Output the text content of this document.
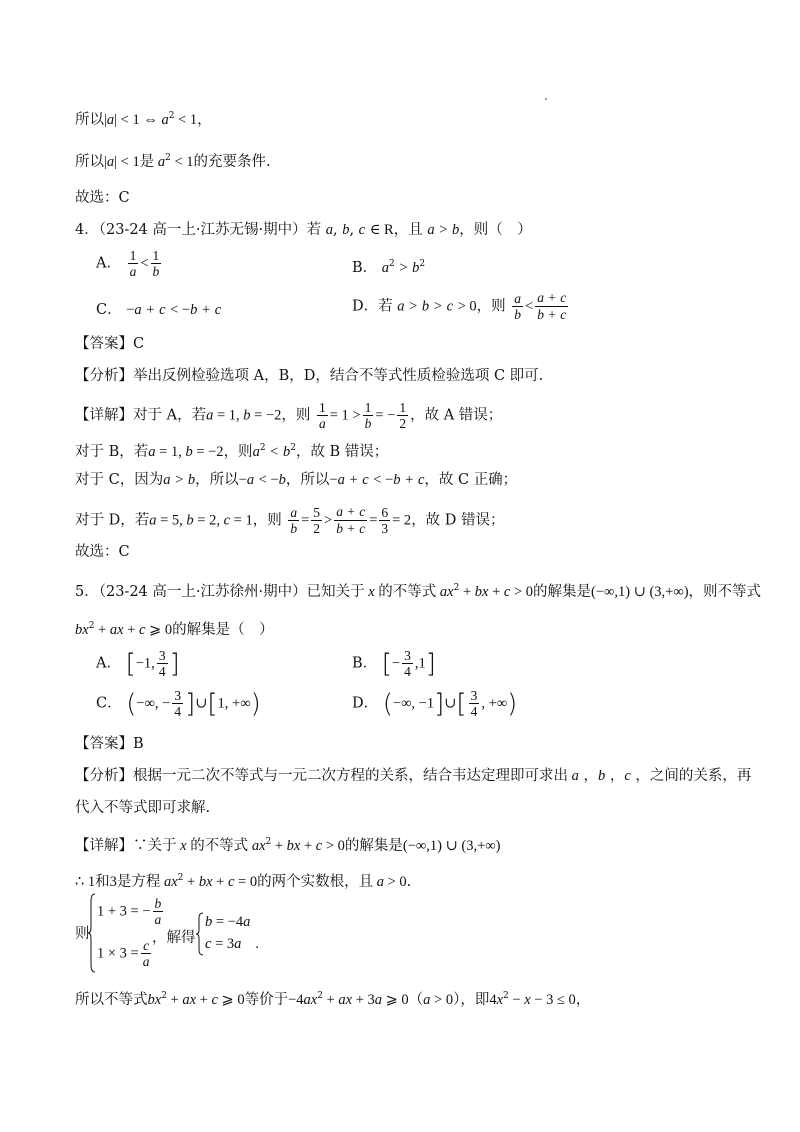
所以|a| < 1 ⇔ $a^2 < 1$，
所以|a| < 1是 $a^2 < 1$的充要条件.
故选：C
4．（23-24 高一上·江苏无锡·期中）若 a, b, c ∈ R，且 a > b，则（　）
A． $\frac{1}{a} < \frac{1}{b}$	B． $a^2 > b^2$
C． −a + c < −b + c	D．若 a > b > c > 0，则 $\frac{a}{b} < \frac{a + c}{b + c}$
【答案】C
【分析】举出反例检验选项 A，B，D，结合不等式性质检验选项 C 即可.
【详解】对于 A，若a = 1, b = −2，则 $\frac{1}{a} = 1 > \frac{1}{b}$ = − $\frac{1}{2}$ ，故 A 错误；
对于 B，若a = 1, b = −2，则$a^2 < b^2$，故 B 错误；
对于 C，因为a > b，所以−a < −b，所以−a + c < −b + c，故 C 正确；
对于 D，若a = 5, b = 2, c = 1，则 $\frac{a}{b} = \frac{5}{2} > \frac{a + c}{b + c} = \frac{6}{3} = 2$，故 D 错误；
故选：C
5．（23-24 高一上·江苏徐州·期中）已知关于 x 的不等式 $ax^2$ + bx + c > 0的解集是(−∞,1) ∪ (3,+∞)，则不等式
$bx^2$ + ax + c ⩾ 0的解集是（　）
A． [−1, $\frac{3}{4}$ ]	B． [− $\frac{3}{4} ,1$]
C． (−∞, − $\frac{3}{4}$ ]∪[1, +∞)	D． (−∞, −1]∪[ $\frac{3}{4}$ , +∞)
【答案】B
【分析】根据一元二次不等式与一元二次方程的关系，结合韦达定理即可求出 a ，b ，c ，之间的关系，再
代入不等式即可求解.
【详解】∵关于 x 的不等式 $ax^2$ + bx + c > 0的解集是(−∞,1) ∪ (3,+∞)
∴ 1和3是方程 $ax^2$ + bx + c = 0的两个实数根，且 a > 0.
则
1 + 3 = − $\frac{b}{a}$
$1 \times 3 = \frac{c}{a}$ ，解得
b = −4a
c = 3a .
所以不等式$bx^2$ + ax + c ⩾ 0等价于$-4ax^2$ + ax + 3a ⩾ 0（a > 0），即$4x^2 - x - 3 \le 0$，
